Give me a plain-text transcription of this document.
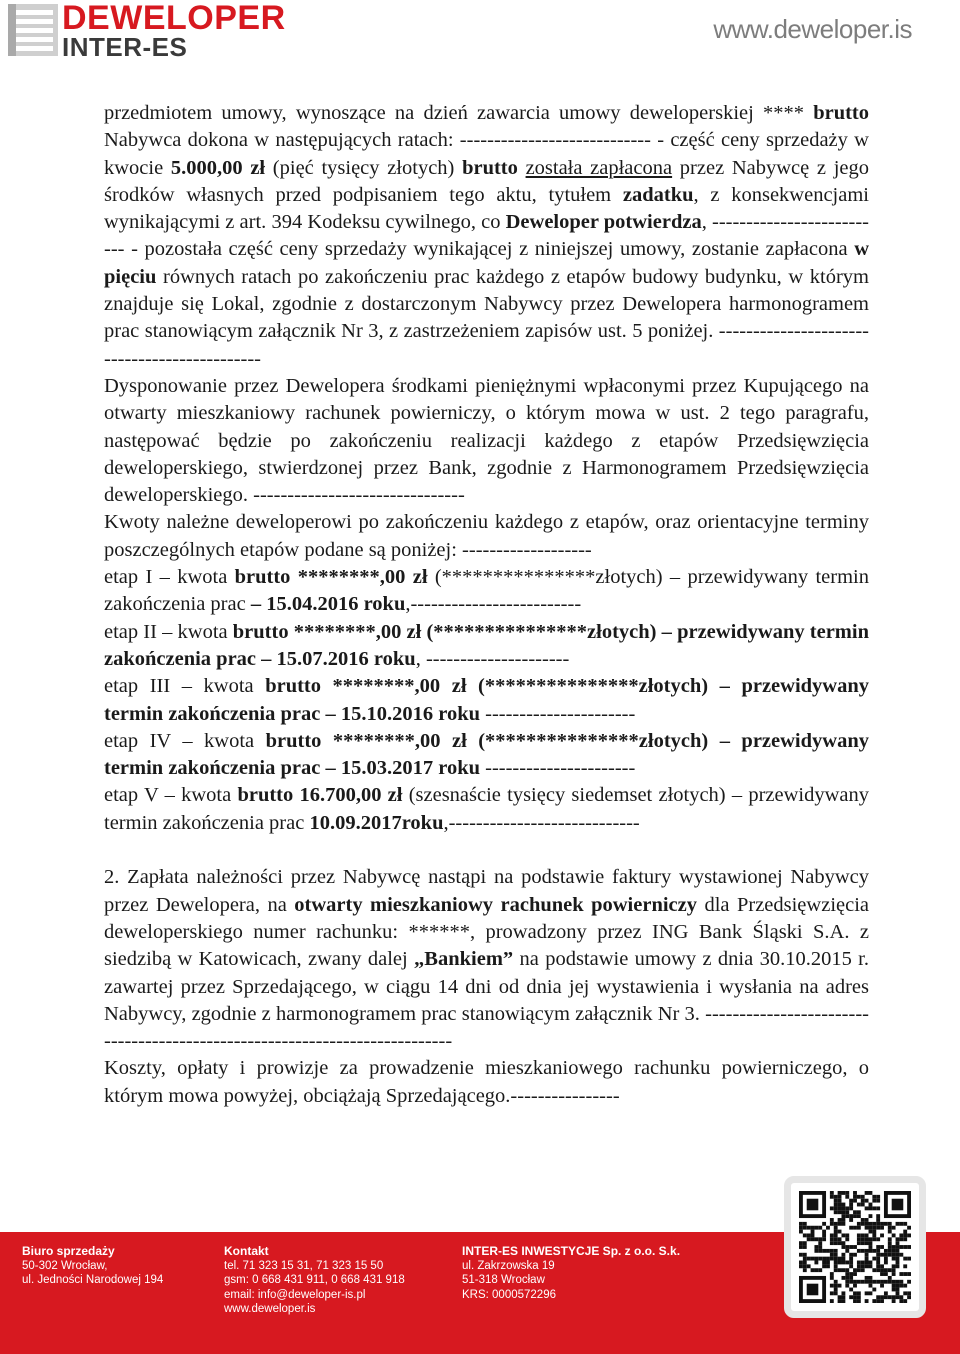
DEWELOPER
INTER-ES
www.deweloper.is

przedmiotem umowy, wynoszące na dzień zawarcia umowy deweloperskiej **** brutto Nabywca dokona w następujących ratach: ---------------------------- - część ceny sprzedaży w kwocie 5.000,00 zł (pięć tysięcy złotych) brutto została zapłacona przez Nabywcę z jego środków własnych przed podpisaniem tego aktu, tytułem zadatku, z konsekwencjami wynikającymi z art. 394 Kodeksu cywilnego, co Deweloper potwierdza, -------------------------- - pozostała część ceny sprzedaży wynikającej z niniejszej umowy, zostanie zapłacona w pięciu równych ratach po zakończeniu prac każdego z etapów budowy budynku, w którym znajduje się Lokal, zgodnie z dostarczonym Nabywcy przez Dewelopera harmonogramem prac stanowiącym załącznik Nr 3, z zastrzeżeniem zapisów ust. 5 poniżej. ---------------------------------------------

Dysponowanie przez Dewelopera środkami pieniężnymi wpłaconymi przez Kupującego na otwarty mieszkaniowy rachunek powierniczy, o którym mowa w ust. 2 tego paragrafu, następować będzie po zakończeniu realizacji każdego z etapów Przedsięwzięcia deweloperskiego, stwierdzonej przez Bank, zgodnie z Harmonogramem Przedsięwzięcia deweloperskiego. -------------------------------

Kwoty należne deweloperowi po zakończeniu każdego z etapów, oraz orientacyjne terminy poszczególnych etapów podane są poniżej: -------------------

etap I – kwota brutto ********,00 zł (***************złotych) – przewidywany termin zakończenia prac – 15.04.2016 roku,-------------------------

etap II – kwota brutto ********,00 zł (***************złotych) – przewidywany termin zakończenia prac – 15.07.2016 roku, ---------------------

etap III – kwota brutto ********,00 zł (***************złotych) – przewidywany termin zakończenia prac – 15.10.2016 roku ----------------------

etap IV – kwota brutto ********,00 zł (***************złotych) – przewidywany termin zakończenia prac – 15.03.2017 roku ----------------------

etap V – kwota brutto 16.700,00 zł (szesnaście tysięcy siedemset złotych) – przewidywany termin zakończenia prac 10.09.2017roku,----------------------------

2. Zapłata należności przez Nabywcę nastąpi na podstawie faktury wystawionej Nabywcy przez Dewelopera, na otwarty mieszkaniowy rachunek powierniczy dla Przedsięwzięcia deweloperskiego numer rachunku: ******, prowadzony przez ING Bank Śląski S.A. z siedzibą w Katowicach, zwany dalej „Bankiem” na podstawie umowy z dnia 30.10.2015 r. zawartej przez Sprzedającego, w ciągu 14 dni od dnia jej wystawienia i wysłania na adres Nabywcy, zgodnie z harmonogramem prac stanowiącym załącznik Nr 3. ---------------------------------------------------------------------------

Koszty, opłaty i prowizje za prowadzenie mieszkaniowego rachunku powierniczego, o którym mowa powyżej, obciążają Sprzedającego.----------------

Biuro sprzedaży
50-302 Wrocław,
ul. Jedności Narodowej 194
Kontakt
tel. 71 323 15 31, 71 323 15 50
gsm: 0 668 431 911, 0 668 431 918
email: info@deweloper-is.pl
www.deweloper.is
INTER-ES INWESTYCJE Sp. z o.o. S.k.
ul. Zakrzowska 19
51-318 Wrocław
KRS: 0000572296
